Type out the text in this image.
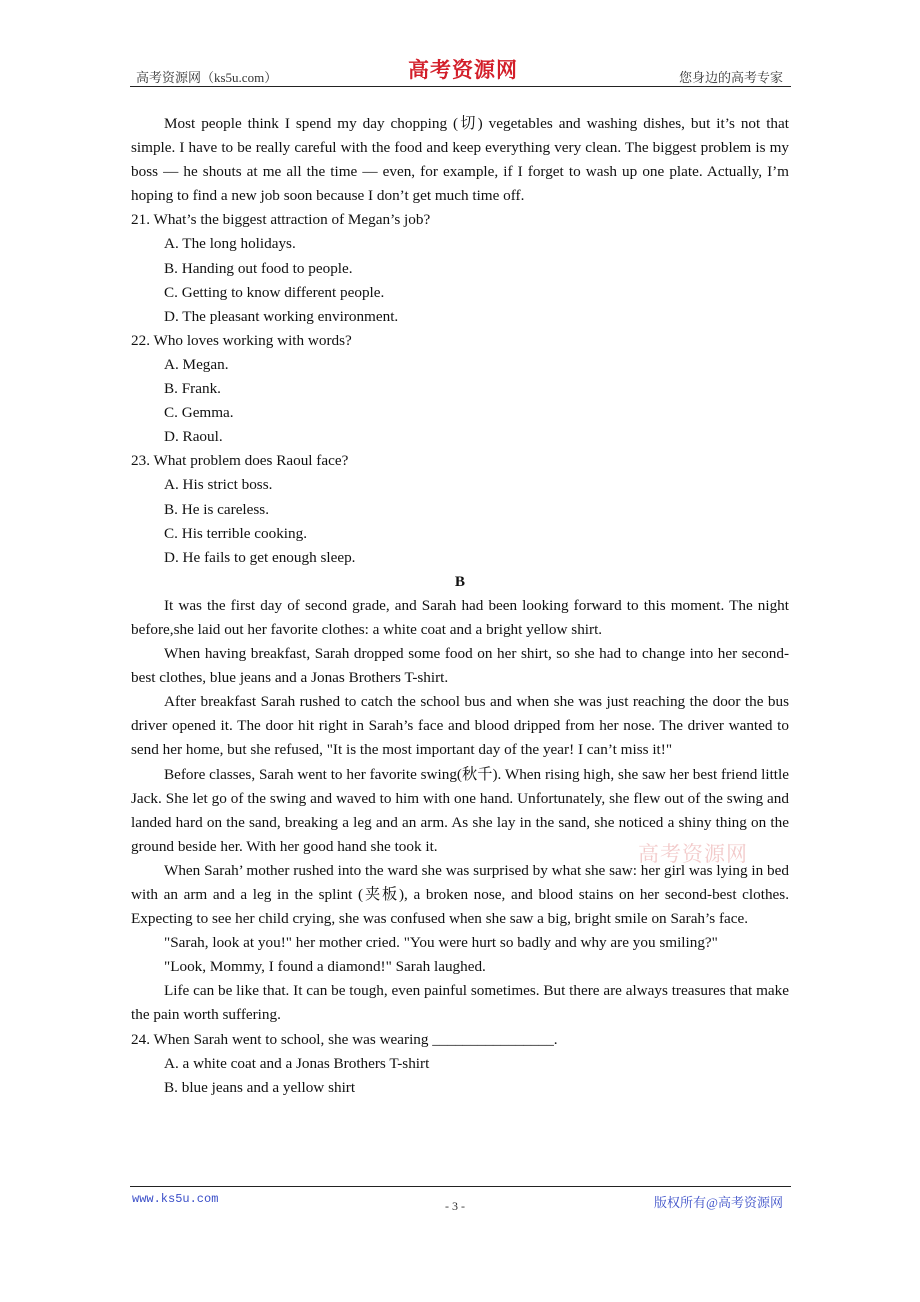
高考资源网（ks5u.com）	高考资源网	您身边的高考专家

Most people think I spend my day chopping (切) vegetables and washing dishes, but it’s not that simple. I have to be really careful with the food and keep everything very clean. The biggest problem is my boss — he shouts at me all the time — even, for example, if I forget to wash up one plate. Actually, I’m hoping to find a new job soon because I don’t get much time off.

21. What’s the biggest attraction of Megan’s job?

A. The long holidays.

B. Handing out food to people.

C. Getting to know different people.

D. The pleasant working environment.

22. Who loves working with words?

A. Megan.

B. Frank.

C. Gemma.

D. Raoul.

23. What problem does Raoul face?

A. His strict boss.

B. He is careless.

C. His terrible cooking.

D. He fails to get enough sleep.

B

It was the first day of second grade, and Sarah had been looking forward to this moment. The night before,she laid out her favorite clothes: a white coat and a bright yellow shirt.

When having breakfast, Sarah dropped some food on her shirt, so she had to change into her second-best clothes, blue jeans and a Jonas Brothers T-shirt.

After breakfast Sarah rushed to catch the school bus and when she was just reaching the door the bus driver opened it. The door hit right in Sarah’s face and blood dripped from her nose. The driver wanted to send her home, but she refused, "It is the most important day of the year! I can’t miss it!"

Before classes, Sarah went to her favorite swing(秋千). When rising high, she saw her best friend little Jack. She let go of the swing and waved to him with one hand. Unfortunately, she flew out of the swing and landed hard on the sand, breaking a leg and an arm. As she lay in the sand, she noticed a shiny thing on the ground beside her. With her good hand she took it.

When Sarah’ mother rushed into the ward she was surprised by what she saw: her girl was lying in bed with an arm and a leg in the splint (夹板), a broken nose, and blood stains on her second-best clothes. Expecting to see her child crying, she was confused when she saw a big, bright smile on Sarah’s face.

"Sarah, look at you!" her mother cried. "You were hurt so badly and why are you smiling?"

"Look, Mommy, I found a diamond!" Sarah laughed.

Life can be like that. It can be tough, even painful sometimes. But there are always treasures that make the pain worth suffering.

24. When Sarah went to school, she was wearing ________________.

A. a white coat and a Jonas Brothers T-shirt

B. blue jeans and a yellow shirt

高考资源网
www.ks5u.com	- 3 -	版权所有@高考资源网
